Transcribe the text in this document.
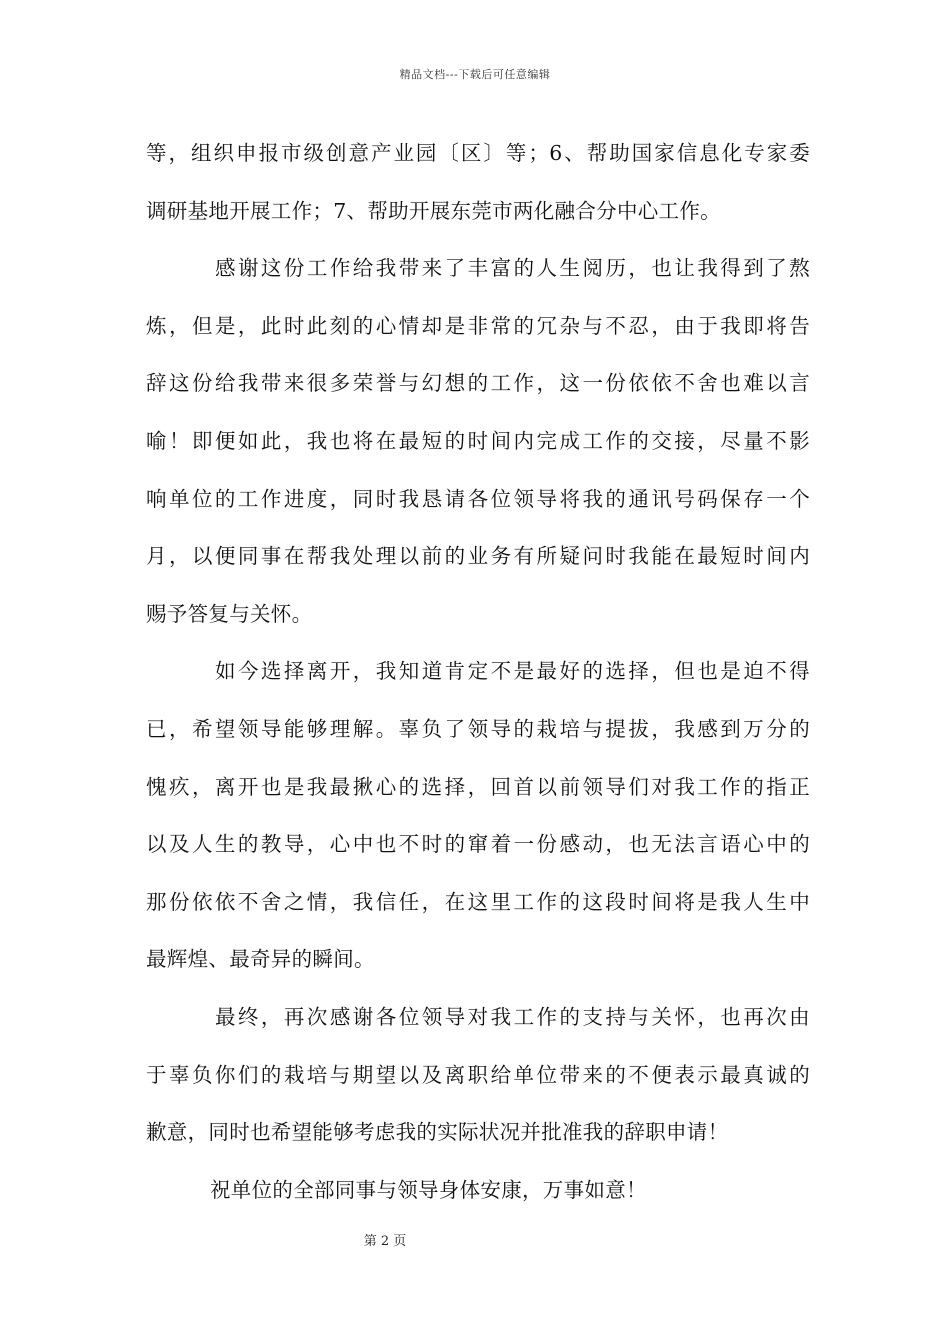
精品文档---下载后可任意编辑
等，组织申报市级创意产业园〔区〕等；6、帮助国家信息化专家委
调研基地开展工作；7、帮助开展东莞市两化融合分中心工作。
感谢这份工作给我带来了丰富的人生阅历，也让我得到了熬
炼，但是，此时此刻的心情却是非常的冗杂与不忍，由于我即将告
辞这份给我带来很多荣誉与幻想的工作，这一份依依不舍也难以言
喻！即便如此，我也将在最短的时间内完成工作的交接，尽量不影
响单位的工作进度，同时我恳请各位领导将我的通讯号码保存一个
月，以便同事在帮我处理以前的业务有所疑问时我能在最短时间内
赐予答复与关怀。
如今选择离开，我知道肯定不是最好的选择，但也是迫不得
已，希望领导能够理解。辜负了领导的栽培与提拔，我感到万分的
愧疚，离开也是我最揪心的选择，回首以前领导们对我工作的指正
以及人生的教导，心中也不时的窜着一份感动，也无法言语心中的
那份依依不舍之情，我信任，在这里工作的这段时间将是我人生中
最辉煌、最奇异的瞬间。
最终，再次感谢各位领导对我工作的支持与关怀，也再次由
于辜负你们的栽培与期望以及离职给单位带来的不便表示最真诚的
歉意，同时也希望能够考虑我的实际状况并批准我的辞职申请！
祝单位的全部同事与领导身体安康，万事如意！
第 2 页
